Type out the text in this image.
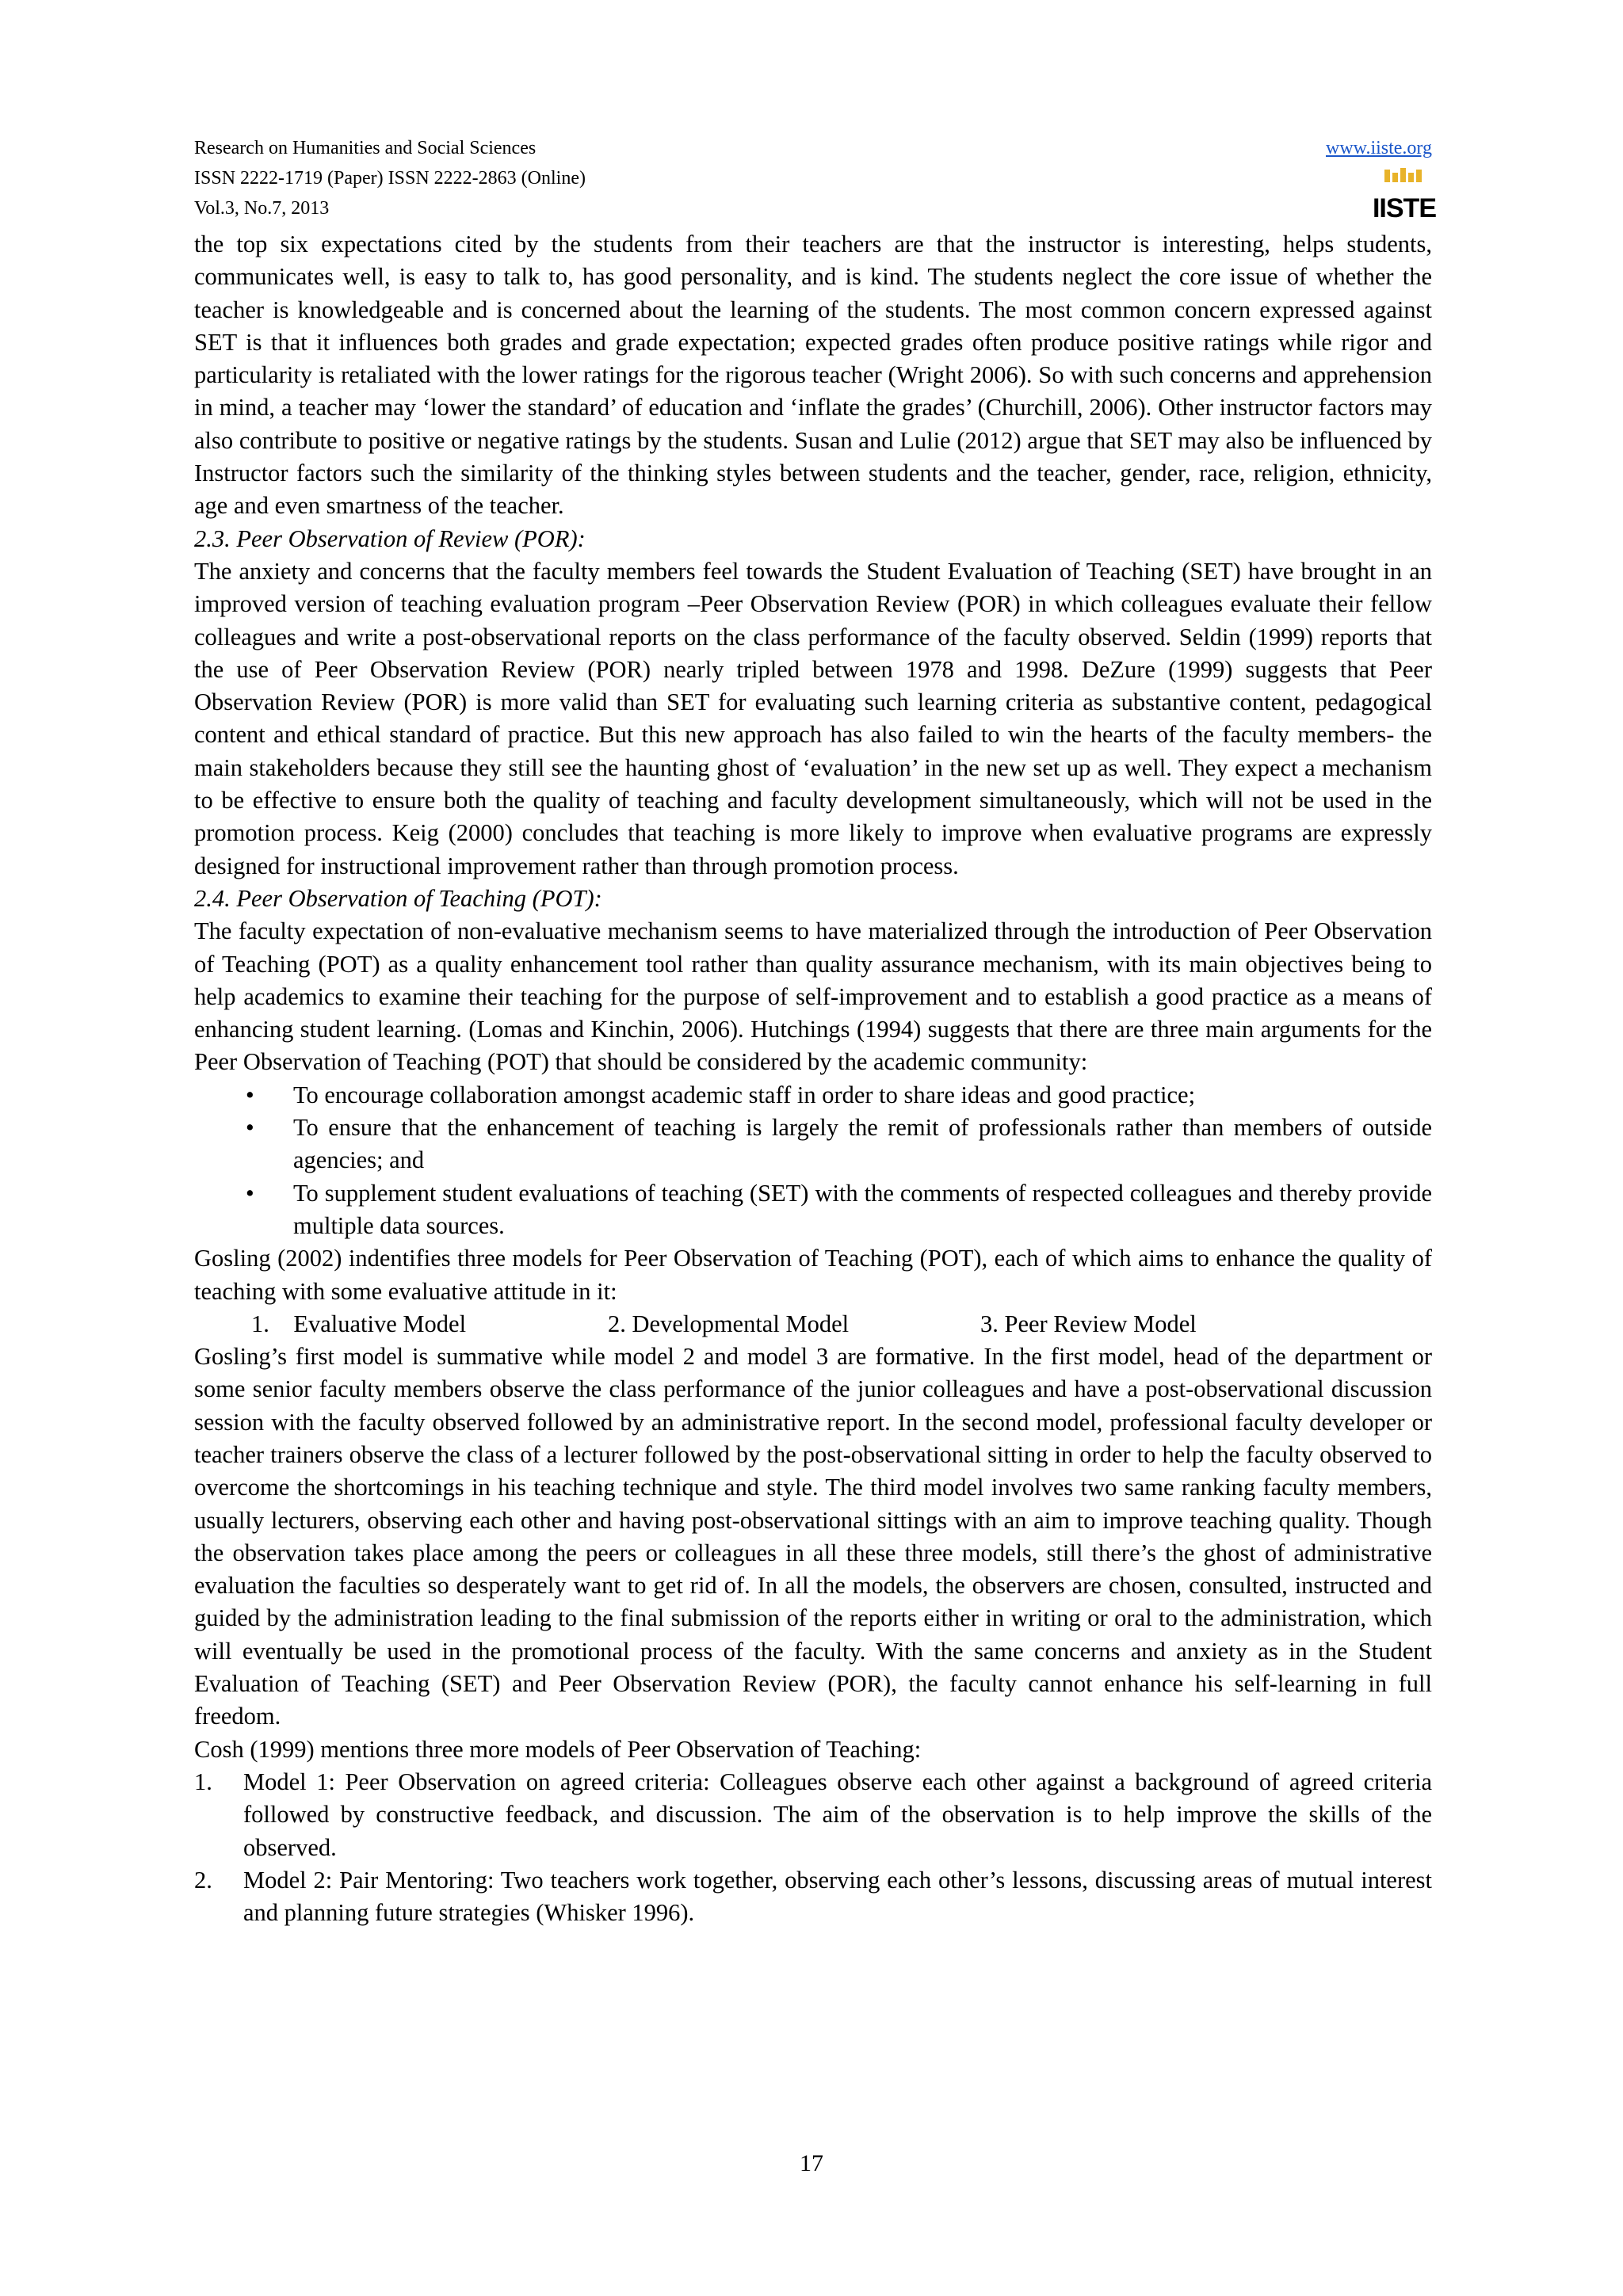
Research on Humanities and Social Sciences
ISSN 2222-1719 (Paper) ISSN 2222-2863 (Online)
Vol.3, No.7, 2013
www.iiste.org
IISTE

the top six expectations cited by the students from their teachers are that the instructor is interesting, helps students, communicates well, is easy to talk to, has good personality, and is kind. The students neglect the core issue of whether the teacher is knowledgeable and is concerned about the learning of the students. The most common concern expressed against SET is that it influences both grades and grade expectation; expected grades often produce positive ratings while rigor and particularity is retaliated with the lower ratings for the rigorous teacher (Wright 2006). So with such concerns and apprehension in mind, a teacher may ‘lower the standard’ of education and ‘inflate the grades’ (Churchill, 2006). Other instructor factors may also contribute to positive or negative ratings by the students. Susan and Lulie (2012) argue that SET may also be influenced by Instructor factors such the similarity of the thinking styles between students and the teacher, gender, race, religion, ethnicity, age and even smartness of the teacher.

2.3. Peer Observation of Review (POR):

The anxiety and concerns that the faculty members feel towards the Student Evaluation of Teaching (SET) have brought in an improved version of teaching evaluation program –Peer Observation Review (POR) in which colleagues evaluate their fellow colleagues and write a post-observational reports on the class performance of the faculty observed. Seldin (1999) reports that the use of Peer Observation Review (POR) nearly tripled between 1978 and 1998. DeZure (1999) suggests that Peer Observation Review (POR) is more valid than SET for evaluating such learning criteria as substantive content, pedagogical content and ethical standard of practice. But this new approach has also failed to win the hearts of the faculty members- the main stakeholders because they still see the haunting ghost of ‘evaluation’ in the new set up as well. They expect a mechanism to be effective to ensure both the quality of teaching and faculty development simultaneously, which will not be used in the promotion process. Keig (2000) concludes that teaching is more likely to improve when evaluative programs are expressly designed for instructional improvement rather than through promotion process.

2.4. Peer Observation of Teaching (POT):

The faculty expectation of non-evaluative mechanism seems to have materialized through the introduction of Peer Observation of Teaching (POT) as a quality enhancement tool rather than quality assurance mechanism, with its main objectives being to help academics to examine their teaching for the purpose of self-improvement and to establish a good practice as a means of enhancing student learning. (Lomas and Kinchin, 2006). Hutchings (1994) suggests that there are three main arguments for the Peer Observation of Teaching (POT) that should be considered by the academic community:

• To encourage collaboration amongst academic staff in order to share ideas and good practice;
• To ensure that the enhancement of teaching is largely the remit of professionals rather than members of outside agencies; and
• To supplement student evaluations of teaching (SET) with the comments of respected colleagues and thereby provide multiple data sources.

Gosling (2002) indentifies three models for Peer Observation of Teaching (POT), each of which aims to enhance the quality of teaching with some evaluative attitude in it:

1.    Evaluative Model	2. Developmental Model	3. Peer Review Model

Gosling’s first model is summative while model 2 and model 3 are formative. In the first model, head of the department or some senior faculty members observe the class performance of the junior colleagues and have a post-observational discussion session with the faculty observed followed by an administrative report. In the second model, professional faculty developer or teacher trainers observe the class of a lecturer followed by the post-observational sitting in order to help the faculty observed to overcome the shortcomings in his teaching technique and style. The third model involves two same ranking faculty members, usually lecturers, observing each other and having post-observational sittings with an aim to improve teaching quality. Though the observation takes place among the peers or colleagues in all these three models, still there’s the ghost of administrative evaluation the faculties so desperately want to get rid of. In all the models, the observers are chosen, consulted, instructed and guided by the administration leading to the final submission of the reports either in writing or oral to the administration, which will eventually be used in the promotional process of the faculty. With the same concerns and anxiety as in the Student Evaluation of Teaching (SET) and Peer Observation Review (POR), the faculty cannot enhance his self-learning in full freedom.

Cosh (1999) mentions three more models of Peer Observation of Teaching:

1. Model 1: Peer Observation on agreed criteria: Colleagues observe each other against a background of agreed criteria followed by constructive feedback, and discussion. The aim of the observation is to help improve the skills of the observed.
2. Model 2: Pair Mentoring: Two teachers work together, observing each other’s lessons, discussing areas of mutual interest and planning future strategies (Whisker 1996).
17
